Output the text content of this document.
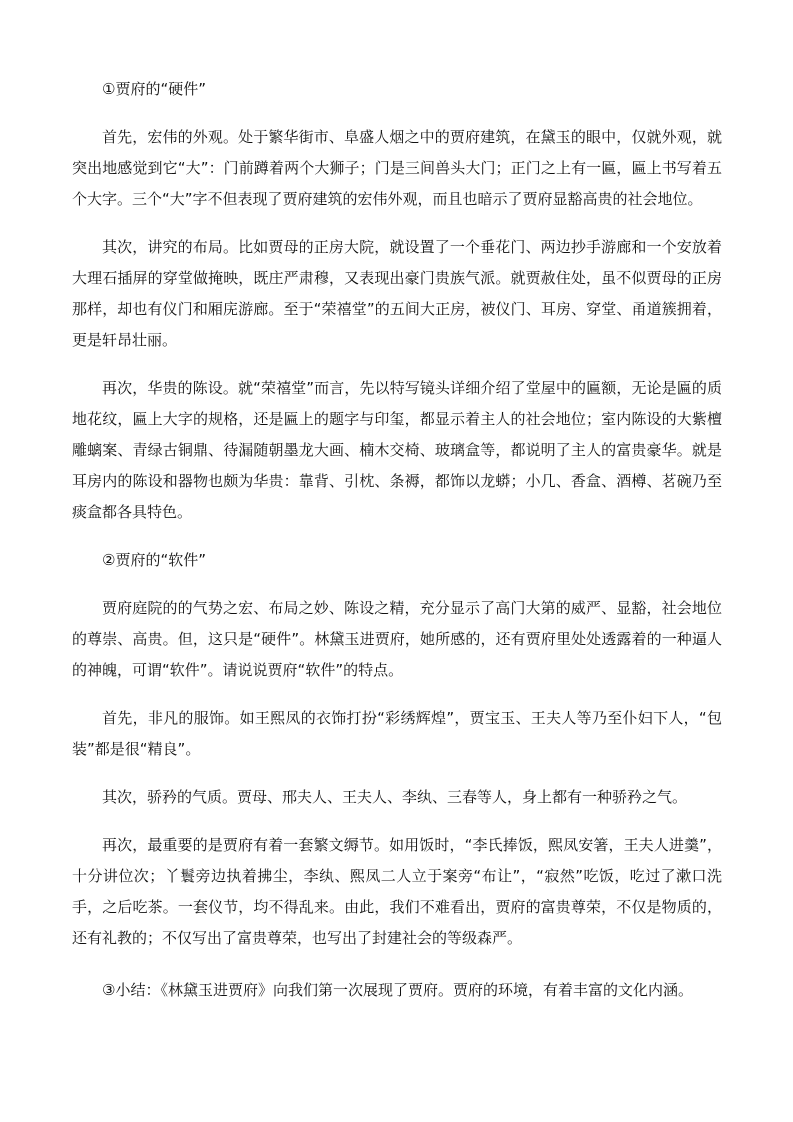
①贾府的“硬件”

首先，宏伟的外观。处于繁华街市、阜盛人烟之中的贾府建筑，在黛玉的眼中，仅就外观，就突出地感觉到它“大”：门前蹲着两个大狮子；门是三间兽头大门；正门之上有一匾，匾上书写着五个大字。三个“大”字不但表现了贾府建筑的宏伟外观，而且也暗示了贾府显豁高贵的社会地位。

其次，讲究的布局。比如贾母的正房大院，就设置了一个垂花门、两边抄手游廊和一个安放着大理石插屏的穿堂做掩映，既庄严肃穆，又表现出豪门贵族气派。就贾赦住处，虽不似贾母的正房那样，却也有仪门和厢庑游廊。至于“荣禧堂”的五间大正房，被仪门、耳房、穿堂、甬道簇拥着，更是轩昂壮丽。

再次，华贵的陈设。就“荣禧堂”而言，先以特写镜头详细介绍了堂屋中的匾额，无论是匾的质地花纹，匾上大字的规格，还是匾上的题字与印玺，都显示着主人的社会地位；室内陈设的大紫檀雕螭案、青绿古铜鼎、待漏随朝墨龙大画、楠木交椅、玻璃盒等，都说明了主人的富贵豪华。就是耳房内的陈设和器物也颇为华贵：靠背、引枕、条褥，都饰以龙蟒；小几、香盒、酒樽、茗碗乃至痰盒都各具特色。

②贾府的“软件”

贾府庭院的的气势之宏、布局之妙、陈设之精，充分显示了高门大第的威严、显豁，社会地位的尊崇、高贵。但，这只是“硬件”。林黛玉进贾府，她所感的，还有贾府里处处透露着的一种逼人的神魄，可谓“软件”。请说说贾府“软件”的特点。

首先，非凡的服饰。如王熙凤的衣饰打扮“彩绣辉煌”，贾宝玉、王夫人等乃至仆妇下人，“包装”都是很“精良”。

其次，骄矜的气质。贾母、邢夫人、王夫人、李纨、三春等人，身上都有一种骄矜之气。

再次，最重要的是贾府有着一套繁文缛节。如用饭时，“李氏捧饭，熙凤安箸，王夫人进羹”，十分讲位次；丫鬟旁边执着拂尘，李纨、熙凤二人立于案旁“布让”，“寂然”吃饭，吃过了漱口洗手，之后吃茶。一套仪节，均不得乱来。由此，我们不难看出，贾府的富贵尊荣，不仅是物质的，还有礼教的；不仅写出了富贵尊荣，也写出了封建社会的等级森严。

③小结：《林黛玉进贾府》向我们第一次展现了贾府。贾府的环境，有着丰富的文化内涵。
